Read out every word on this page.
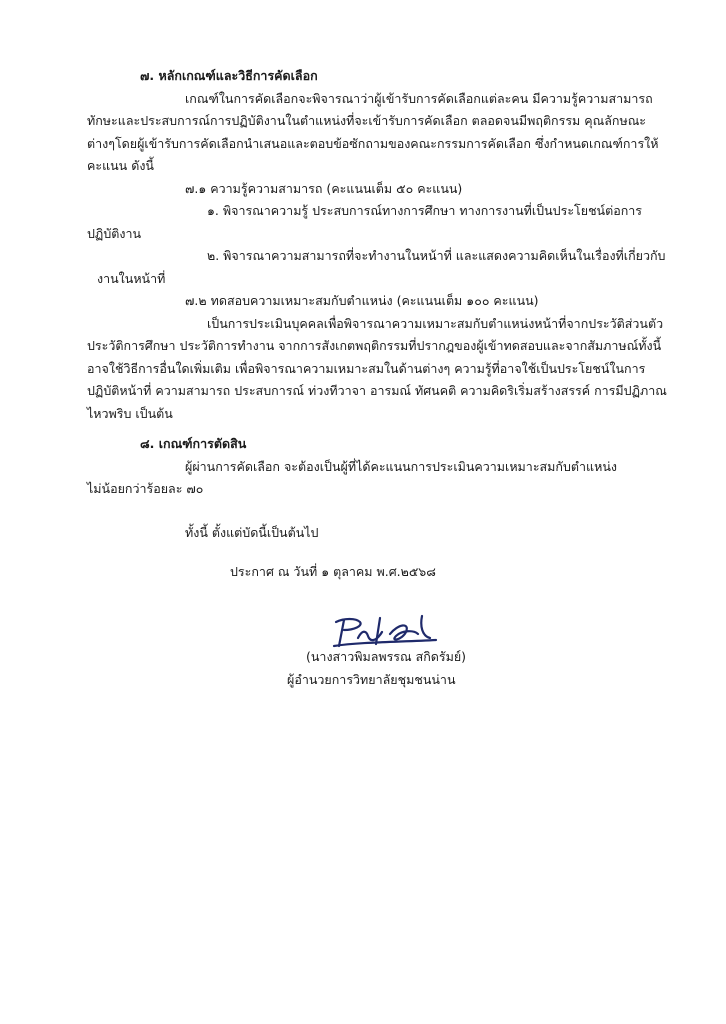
๗. หลักเกณฑ์และวิธีการคัดเลือก
เกณฑ์ในการคัดเลือกจะพิจารณาว่าผู้เข้ารับการคัดเลือกแต่ละคน มีความรู้ความสามารถ
ทักษะและประสบการณ์การปฏิบัติงานในตำแหน่งที่จะเข้ารับการคัดเลือก ตลอดจนมีพฤติกรรม คุณลักษณะ
ต่างๆโดยผู้เข้ารับการคัดเลือกนำเสนอและตอบข้อซักถามของคณะกรรมการคัดเลือก ซึ่งกำหนดเกณฑ์การให้
คะแนน ดังนี้
๗.๑ ความรู้ความสามารถ (คะแนนเต็ม ๕๐ คะแนน)
๑. พิจารณาความรู้ ประสบการณ์ทางการศึกษา ทางการงานที่เป็นประโยชน์ต่อการ
ปฏิบัติงาน
๒. พิจารณาความสามารถที่จะทำงานในหน้าที่ และแสดงความคิดเห็นในเรื่องที่เกี่ยวกับ
งานในหน้าที่
๗.๒ ทดสอบความเหมาะสมกับตำแหน่ง (คะแนนเต็ม ๑๐๐ คะแนน)
เป็นการประเมินบุคคลเพื่อพิจารณาความเหมาะสมกับตำแหน่งหน้าที่จากประวัติส่วนตัว
ประวัติการศึกษา ประวัติการทำงาน จากการสังเกตพฤติกรรมที่ปรากฎของผู้เข้าทดสอบและจากสัมภาษณ์ทั้งนี้
อาจใช้วิธีการอื่นใดเพิ่มเติม เพื่อพิจารณาความเหมาะสมในด้านต่างๆ ความรู้ที่อาจใช้เป็นประโยชน์ในการ
ปฏิบัติหน้าที่ ความสามารถ ประสบการณ์ ท่วงทีวาจา อารมณ์ ทัศนคติ ความคิดริเริ่มสร้างสรรค์ การมีปฏิภาณ
ไหวพริบ เป็นต้น
๘. เกณฑ์การตัดสิน
ผู้ผ่านการคัดเลือก จะต้องเป็นผู้ที่ได้คะแนนการประเมินความเหมาะสมกับตำแหน่ง
ไม่น้อยกว่าร้อยละ ๗๐
ทั้งนี้ ตั้งแต่บัดนี้เป็นต้นไป
ประกาศ ณ วันที่ ๑ ตุลาคม พ.ศ.๒๕๖๘
(นางสาวพิมลพรรณ สกิดรัมย์)
ผู้อำนวยการวิทยาลัยชุมชนน่าน
